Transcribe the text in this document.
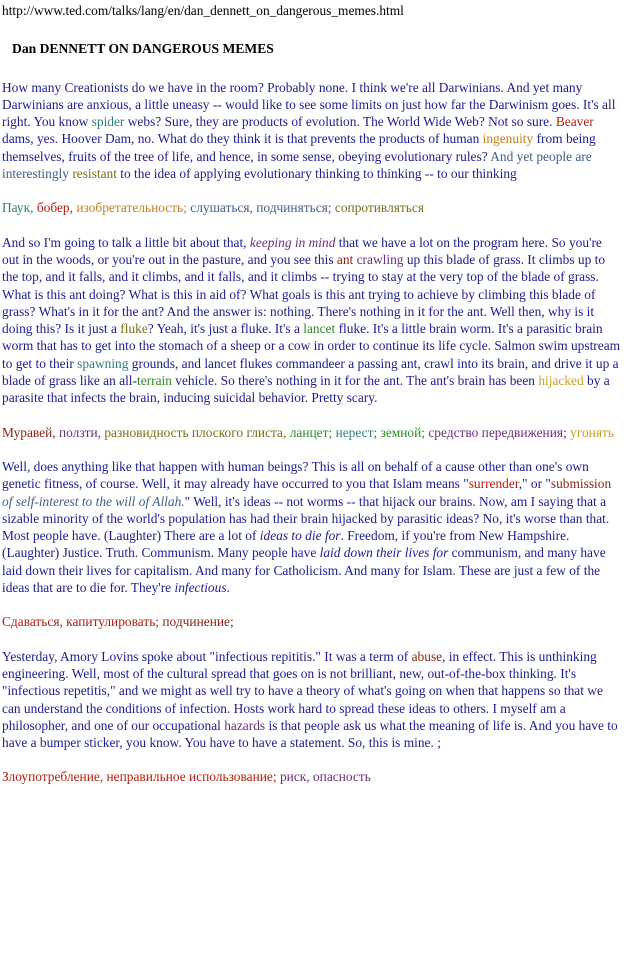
http://www.ted.com/talks/lang/en/dan_dennett_on_dangerous_memes.html
Dan DENNETT ON DANGEROUS MEMES

How many Creationists do we have in the room? Probably none. I think we're all Darwinians. And yet many Darwinians are anxious, a little uneasy -- would like to see some limits on just how far the Darwinism goes. It's all right. You know spider webs? Sure, they are products of evolution. The World Wide Web? Not so sure. Beaver dams, yes. Hoover Dam, no. What do they think it is that prevents the products of human ingenuity from being themselves, fruits of the tree of life, and hence, in some sense, obeying evolutionary rules? And yet people are interestingly resistant to the idea of applying evolutionary thinking to thinking -- to our thinking

Паук, бобер, изобретательность; слушаться, подчиняться; сопротивляться

And so I'm going to talk a little bit about that, keeping in mind that we have a lot on the program here. So you're out in the woods, or you're out in the pasture, and you see this ant crawling up this blade of grass. It climbs up to the top, and it falls, and it climbs, and it falls, and it climbs -- trying to stay at the very top of the blade of grass. What is this ant doing? What is this in aid of? What goals is this ant trying to achieve by climbing this blade of grass? What's in it for the ant? And the answer is: nothing. There's nothing in it for the ant. Well then, why is it doing this? Is it just a fluke? Yeah, it's just a fluke. It's a lancet fluke. It's a little brain worm. It's a parasitic brain worm that has to get into the stomach of a sheep or a cow in order to continue its life cycle. Salmon swim upstream to get to their spawning grounds, and lancet flukes commandeer a passing ant, crawl into its brain, and drive it up a blade of grass like an all-terrain vehicle. So there's nothing in it for the ant. The ant's brain has been hijacked by a parasite that infects the brain, inducing suicidal behavior. Pretty scary.

Муравей, ползти, разновидность плоского глиста, ланцет; нерест; земной; средство передвижения; угонять

Well, does anything like that happen with human beings? This is all on behalf of a cause other than one's own genetic fitness, of course. Well, it may already have occurred to you that Islam means "surrender," or "submission of self-interest to the will of Allah." Well, it's ideas -- not worms -- that hijack our brains. Now, am I saying that a sizable minority of the world's population has had their brain hijacked by parasitic ideas? No, it's worse than that. Most people have. (Laughter) There are a lot of ideas to die for. Freedom, if you're from New Hampshire. (Laughter) Justice. Truth. Communism. Many people have laid down their lives for communism, and many have laid down their lives for capitalism. And many for Catholicism. And many for Islam. These are just a few of the ideas that are to die for. They're infectious.

Сдаваться, капитулировать; подчинение;

Yesterday, Amory Lovins spoke about "infectious repititis." It was a term of abuse, in effect. This is unthinking engineering. Well, most of the cultural spread that goes on is not brilliant, new, out-of-the-box thinking. It's "infectious repetitis," and we might as well try to have a theory of what's going on when that happens so that we can understand the conditions of infection. Hosts work hard to spread these ideas to others. I myself am a philosopher, and one of our occupational hazards is that people ask us what the meaning of life is. And you have to have a bumper sticker, you know. You have to have a statement. So, this is mine. ;

Злоупотребление, неправильное использование; риск, опасность
